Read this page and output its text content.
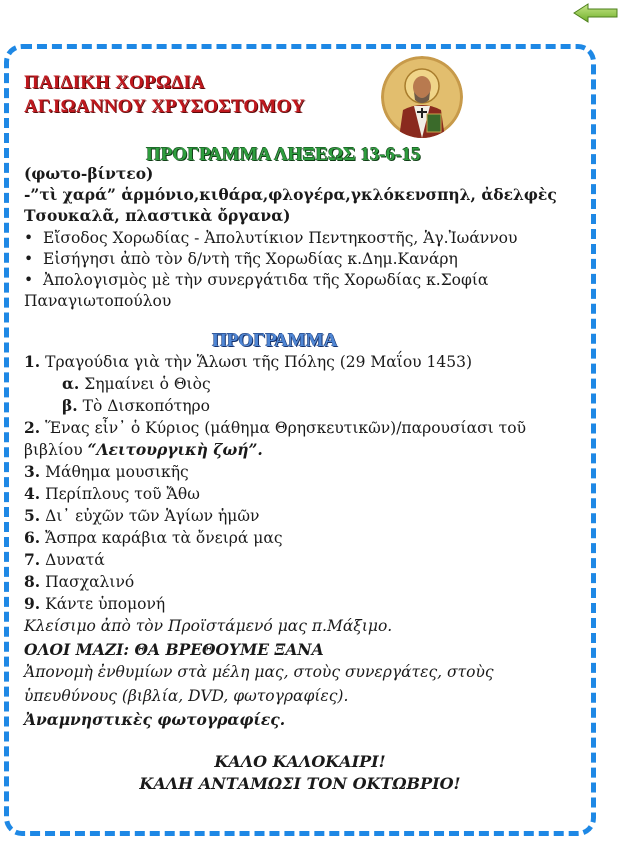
ΠΑΙΔΙΚΗ ΧΟΡΩΔΙΑ
ΑΓ.ΙΩΑΝΝΟΥ ΧΡΥΣΟΣΤΟΜΟΥ
ΠΡΟΓΡΑΜΜΑ ΛΗΞΕΩΣ 13-6-15
(φωτο-βίντεο)
-”τὶ χαρά” ἁρμόνιο,κιθάρα,φλογέρα,γκλόκενσπηλ, ἀδελφὲς
Τσουκαλᾶ, πλαστικὰ ὄργανα)
•  Εἴσοδος Χορωδίας - Ἀπολυτίκιον Πεντηκοστῆς, Ἁγ.Ἰωάννου
•  Εἰσήγησι ἀπὸ τὸν δ/ντὴ τῆς Χορωδίας κ.Δημ.Κανάρη
•  Ἀπολογισμὸς μὲ τὴν συνεργάτιδα τῆς Χορωδίας κ.Σοφία
Παναγιωτοπούλου
ΠΡΟΓΡΑΜΜΑ
1. Τραγούδια γιὰ τὴν Ἅλωσι τῆς Πόλης (29 Μαΐου 1453)
α. Σημαίνει ὁ Θιὸς
β. Τὸ Δισκοπότηρο
2. Ἕνας εἶν᾽ ὁ Κύριος (μάθημα Θρησκευτικῶν)/παρουσίασι τοῦ
βιβλίου “Λειτουργικὴ ζωή”.
3. Μάθημα μουσικῆς
4. Περίπλους τοῦ Ἄθω
5. Δι᾽ εὐχῶν τῶν Ἁγίων ἡμῶν
6. Ἄσπρα καράβια τὰ ὄνειρά μας
7. Δυνατά
8. Πασχαλινό
9. Κάντε ὑπομονή
Κλείσιμο ἀπὸ τὸν Προϊστάμενό μας π.Μάξιμο.
ΟΛΟΙ ΜΑΖΙ: ΘΑ ΒΡΕΘΟΥΜΕ ΞΑΝΑ
Ἀπονομὴ ἐνθυμίων στὰ μέλη μας, στοὺς συνεργάτες, στοὺς
ὑπευθύνους (βιβλία, DVD, φωτογραφίες).
Ἀναμνηστικὲς φωτογραφίες.
ΚΑΛΟ ΚΑΛΟΚΑΙΡΙ!
ΚΑΛΗ ΑΝΤΑΜΩΣΙ ΤΟΝ ΟΚΤΩΒΡΙΟ!
